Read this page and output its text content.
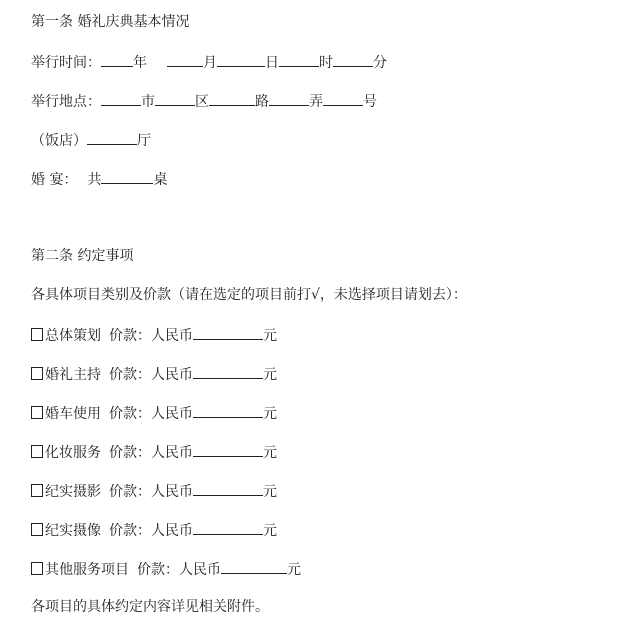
第一条 婚礼庆典基本情况
举行时间： 年	月	日	时	分
举行地点：	市	区	路	弄	号
（饭店）	厅
婚 宴： 共	桌
第二条 约定事项
各具体项目类别及价款（请在选定的项目前打√，未选择项目请划去）：
总体策划 价款：人民币	元
婚礼主持 价款：人民币	元
婚车使用 价款：人民币	元
化妆服务 价款：人民币	元
纪实摄影 价款：人民币	元
纪实摄像 价款：人民币	元
其他服务项目 价款：人民币	元
各项目的具体约定内容详见相关附件。
